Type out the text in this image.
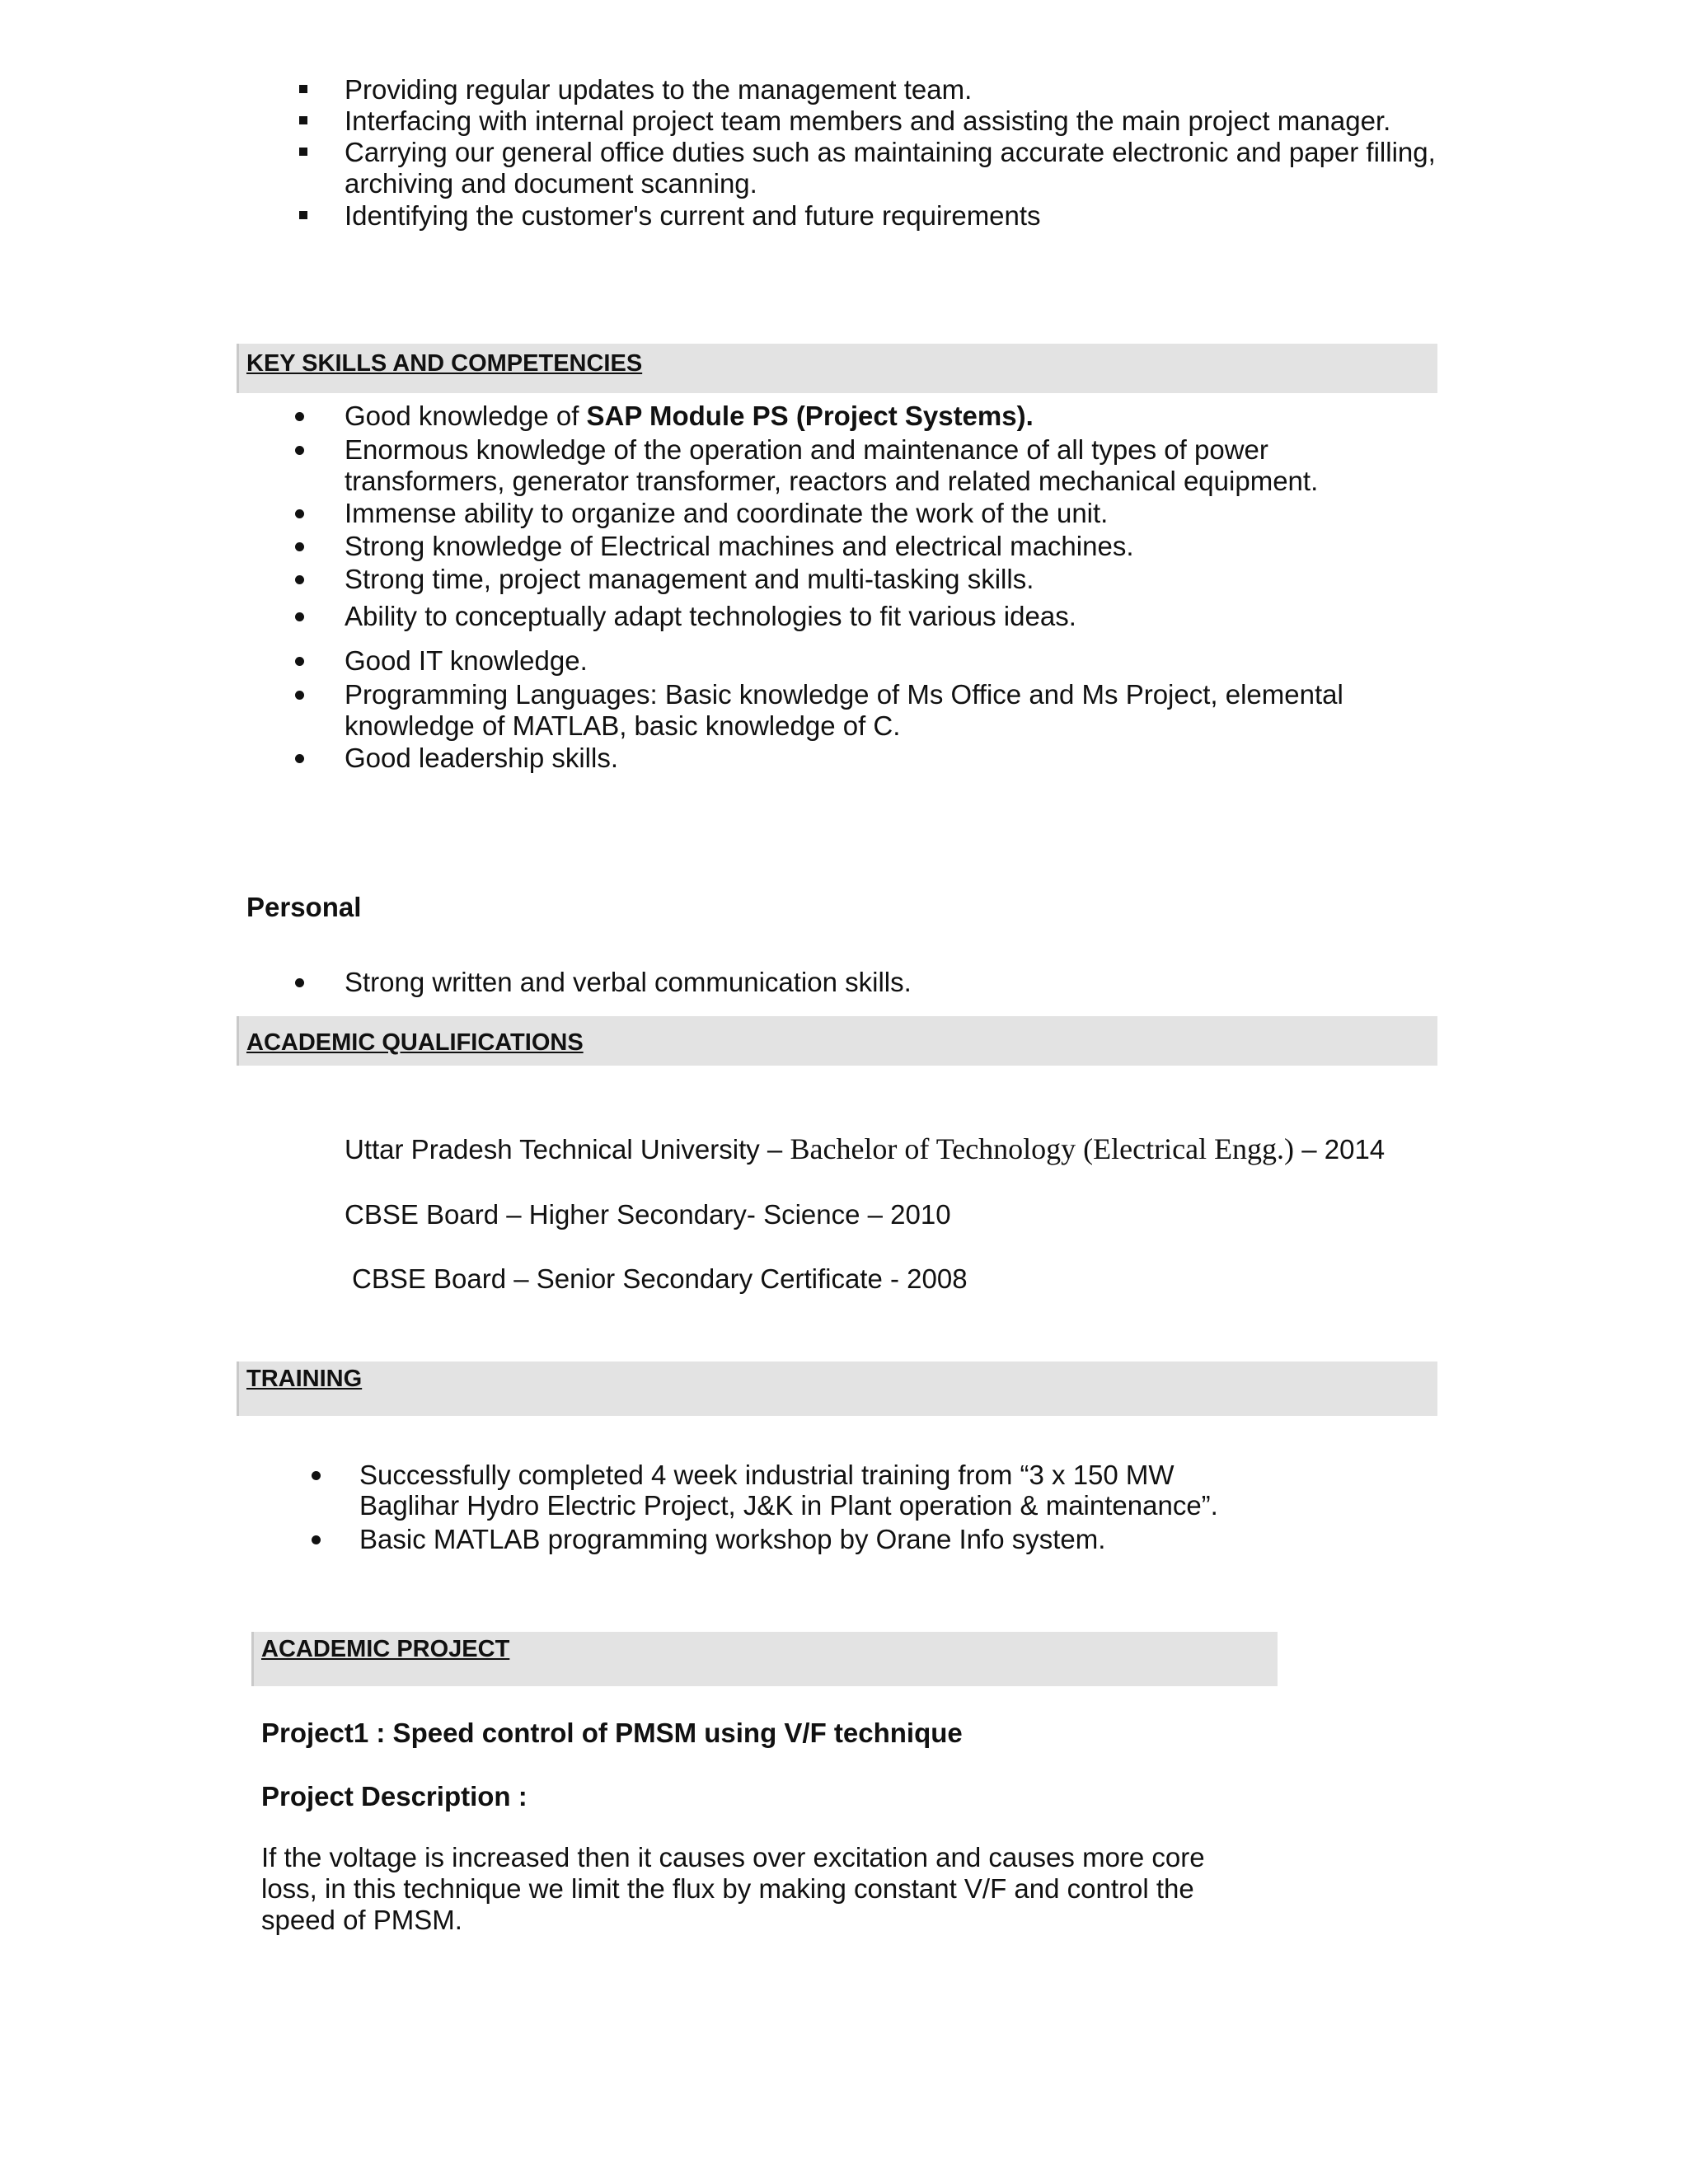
Providing regular updates to the management team.
Interfacing with internal project team members and assisting the main project manager.
Carrying our general office duties such as maintaining accurate electronic and paper filling,
archiving and document scanning.
Identifying the customer's current and future requirements
KEY SKILLS AND COMPETENCIES
Good knowledge of SAP Module PS (Project Systems).
Enormous knowledge of the operation and maintenance of all types of power
transformers, generator transformer, reactors and related mechanical equipment.
Immense ability to organize and coordinate the work of the unit.
Strong knowledge of Electrical machines and electrical machines.
Strong time, project management and multi-tasking skills.
Ability to conceptually adapt technologies to fit various ideas.
Good IT knowledge.
Programming Languages: Basic knowledge of Ms Office and Ms Project, elemental
knowledge of MATLAB, basic knowledge of C.
Good leadership skills.
Personal
Strong written and verbal communication skills.
ACADEMIC QUALIFICATIONS
Uttar Pradesh Technical University – Bachelor of Technology (Electrical Engg.) – 2014
CBSE Board – Higher Secondary- Science – 2010
CBSE Board – Senior Secondary Certificate - 2008
TRAINING
Successfully completed 4 week industrial training from “3 x 150 MW
Baglihar Hydro Electric Project, J&K in Plant operation & maintenance”.
Basic MATLAB programming workshop by Orane Info system.
ACADEMIC PROJECT
Project1 : Speed control of PMSM using V/F technique
Project Description :
If the voltage is increased then it causes over excitation and causes more core
loss, in this technique we limit the flux by making constant V/F and control the
speed of PMSM.
